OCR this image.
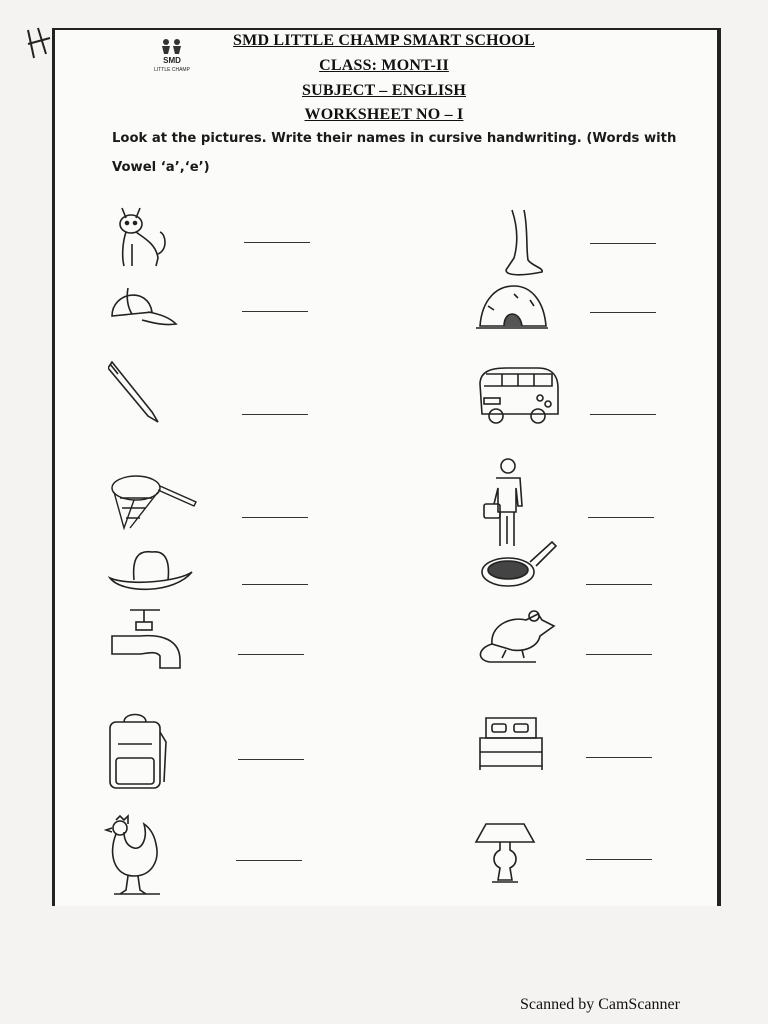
SMD
LITTLE CHAMP
SMD LITTLE CHAMP SMART SCHOOL
CLASS: MONT-II
SUBJECT – ENGLISH
WORKSHEET NO – I
Look at the pictures. Write their names in cursive handwriting. (Words with
Vowel ‘a’,‘e’)
Scanned by CamScanner
